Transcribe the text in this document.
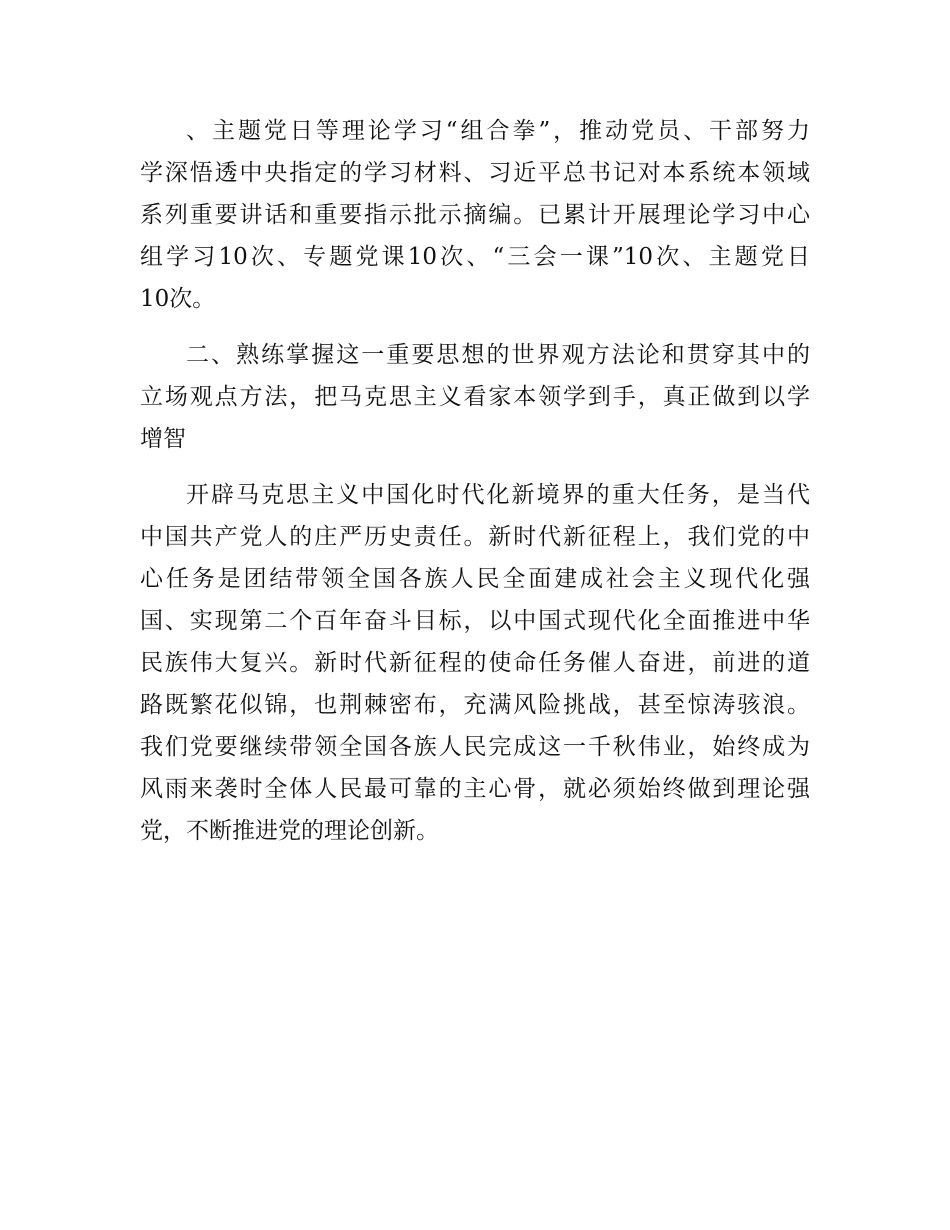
、主题党日等理论学习“组合拳”，推动党员、干部努力
学深悟透中央指定的学习材料、习近平总书记对本系统本领域
系列重要讲话和重要指示批示摘编。已累计开展理论学习中心
组学习10次、专题党课10次、“三会一课”10次、主题党日
10次。
二、熟练掌握这一重要思想的世界观方法论和贯穿其中的
立场观点方法，把马克思主义看家本领学到手，真正做到以学
增智
开辟马克思主义中国化时代化新境界的重大任务，是当代
中国共产党人的庄严历史责任。新时代新征程上，我们党的中
心任务是团结带领全国各族人民全面建成社会主义现代化强
国、实现第二个百年奋斗目标，以中国式现代化全面推进中华
民族伟大复兴。新时代新征程的使命任务催人奋进，前进的道
路既繁花似锦，也荆棘密布，充满风险挑战，甚至惊涛骇浪。
我们党要继续带领全国各族人民完成这一千秋伟业，始终成为
风雨来袭时全体人民最可靠的主心骨，就必须始终做到理论强
党，不断推进党的理论创新。
